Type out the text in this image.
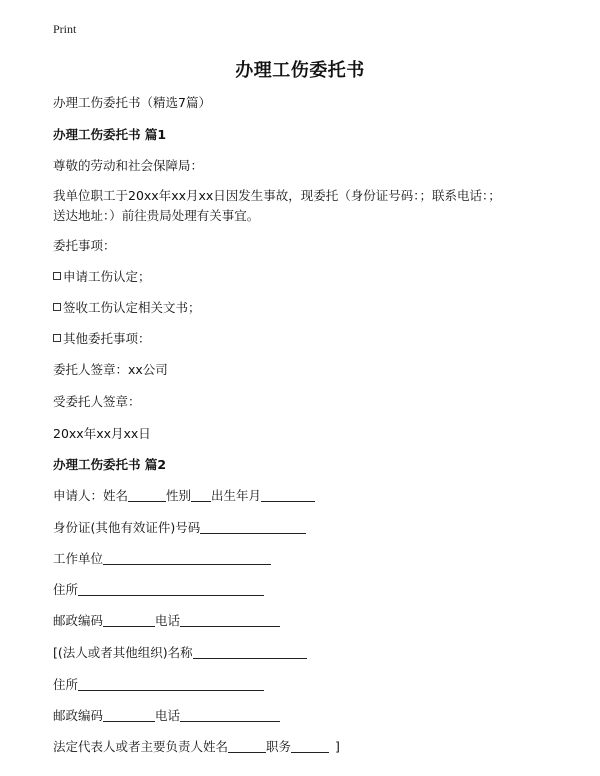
Print
办理工伤委托书
办理工伤委托书（精选7篇）
办理工伤委托书 篇1
尊敬的劳动和社会保障局：
我单位职工于20xx年xx月xx日因发生事故，现委托（身份证号码：；联系电话：；
送达地址：）前往贵局处理有关事宜。
委托事项：
申请工伤认定；
签收工伤认定相关文书；
其他委托事项：
委托人签章：xx公司
受委托人签章：
20xx年xx月xx日
办理工伤委托书 篇2
申请人：姓名	性别 出生年月
身份证(其他有效证件)号码
工作单位
住所
邮政编码	电话
[(法人或者其他组织)名称
住所
邮政编码	电话
法定代表人或者主要负责人姓名	职务	]
